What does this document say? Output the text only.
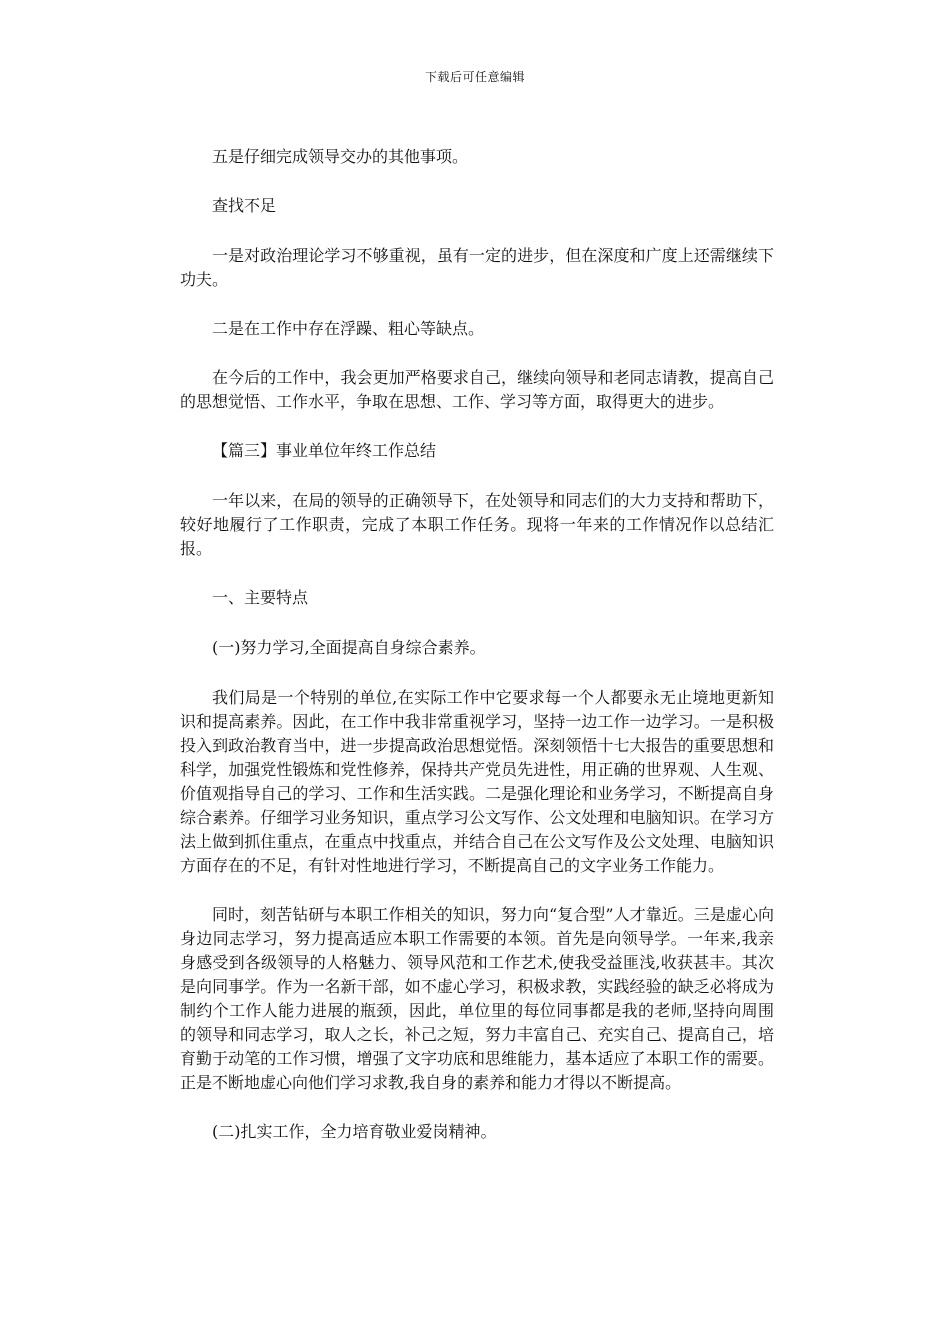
下载后可任意编辑

五是仔细完成领导交办的其他事项。

查找不足

一是对政治理论学习不够重视，虽有一定的进步，但在深度和广度上还需继续下功夫。

二是在工作中存在浮躁、粗心等缺点。

在今后的工作中，我会更加严格要求自己，继续向领导和老同志请教，提高自己的思想觉悟、工作水平，争取在思想、工作、学习等方面，取得更大的进步。

【篇三】事业单位年终工作总结

一年以来，在局的领导的正确领导下，在处领导和同志们的大力支持和帮助下，较好地履行了工作职责，完成了本职工作任务。现将一年来的工作情况作以总结汇报。

一、主要特点

(一)努力学习,全面提高自身综合素养。

我们局是一个特别的单位,在实际工作中它要求每一个人都要永无止境地更新知识和提高素养。因此，在工作中我非常重视学习，坚持一边工作一边学习。一是积极投入到政治教育当中，进一步提高政治思想觉悟。深刻领悟十七大报告的重要思想和科学，加强党性锻炼和党性修养，保持共产党员先进性，用正确的世界观、人生观、价值观指导自己的学习、工作和生活实践。二是强化理论和业务学习，不断提高自身综合素养。仔细学习业务知识，重点学习公文写作、公文处理和电脑知识。在学习方法上做到抓住重点，在重点中找重点，并结合自己在公文写作及公文处理、电脑知识方面存在的不足，有针对性地进行学习，不断提高自己的文字业务工作能力。

同时，刻苦钻研与本职工作相关的知识，努力向“复合型”人才靠近。三是虚心向身边同志学习，努力提高适应本职工作需要的本领。首先是向领导学。一年来,我亲身感受到各级领导的人格魅力、领导风范和工作艺术,使我受益匪浅,收获甚丰。其次是向同事学。作为一名新干部，如不虚心学习，积极求教，实践经验的缺乏必将成为制约个工作人能力进展的瓶颈，因此，单位里的每位同事都是我的老师,坚持向周围的领导和同志学习，取人之长，补己之短，努力丰富自己、充实自己、提高自己，培育勤于动笔的工作习惯，增强了文字功底和思维能力，基本适应了本职工作的需要。正是不断地虚心向他们学习求教,我自身的素养和能力才得以不断提高。

(二)扎实工作，全力培育敬业爱岗精神。
